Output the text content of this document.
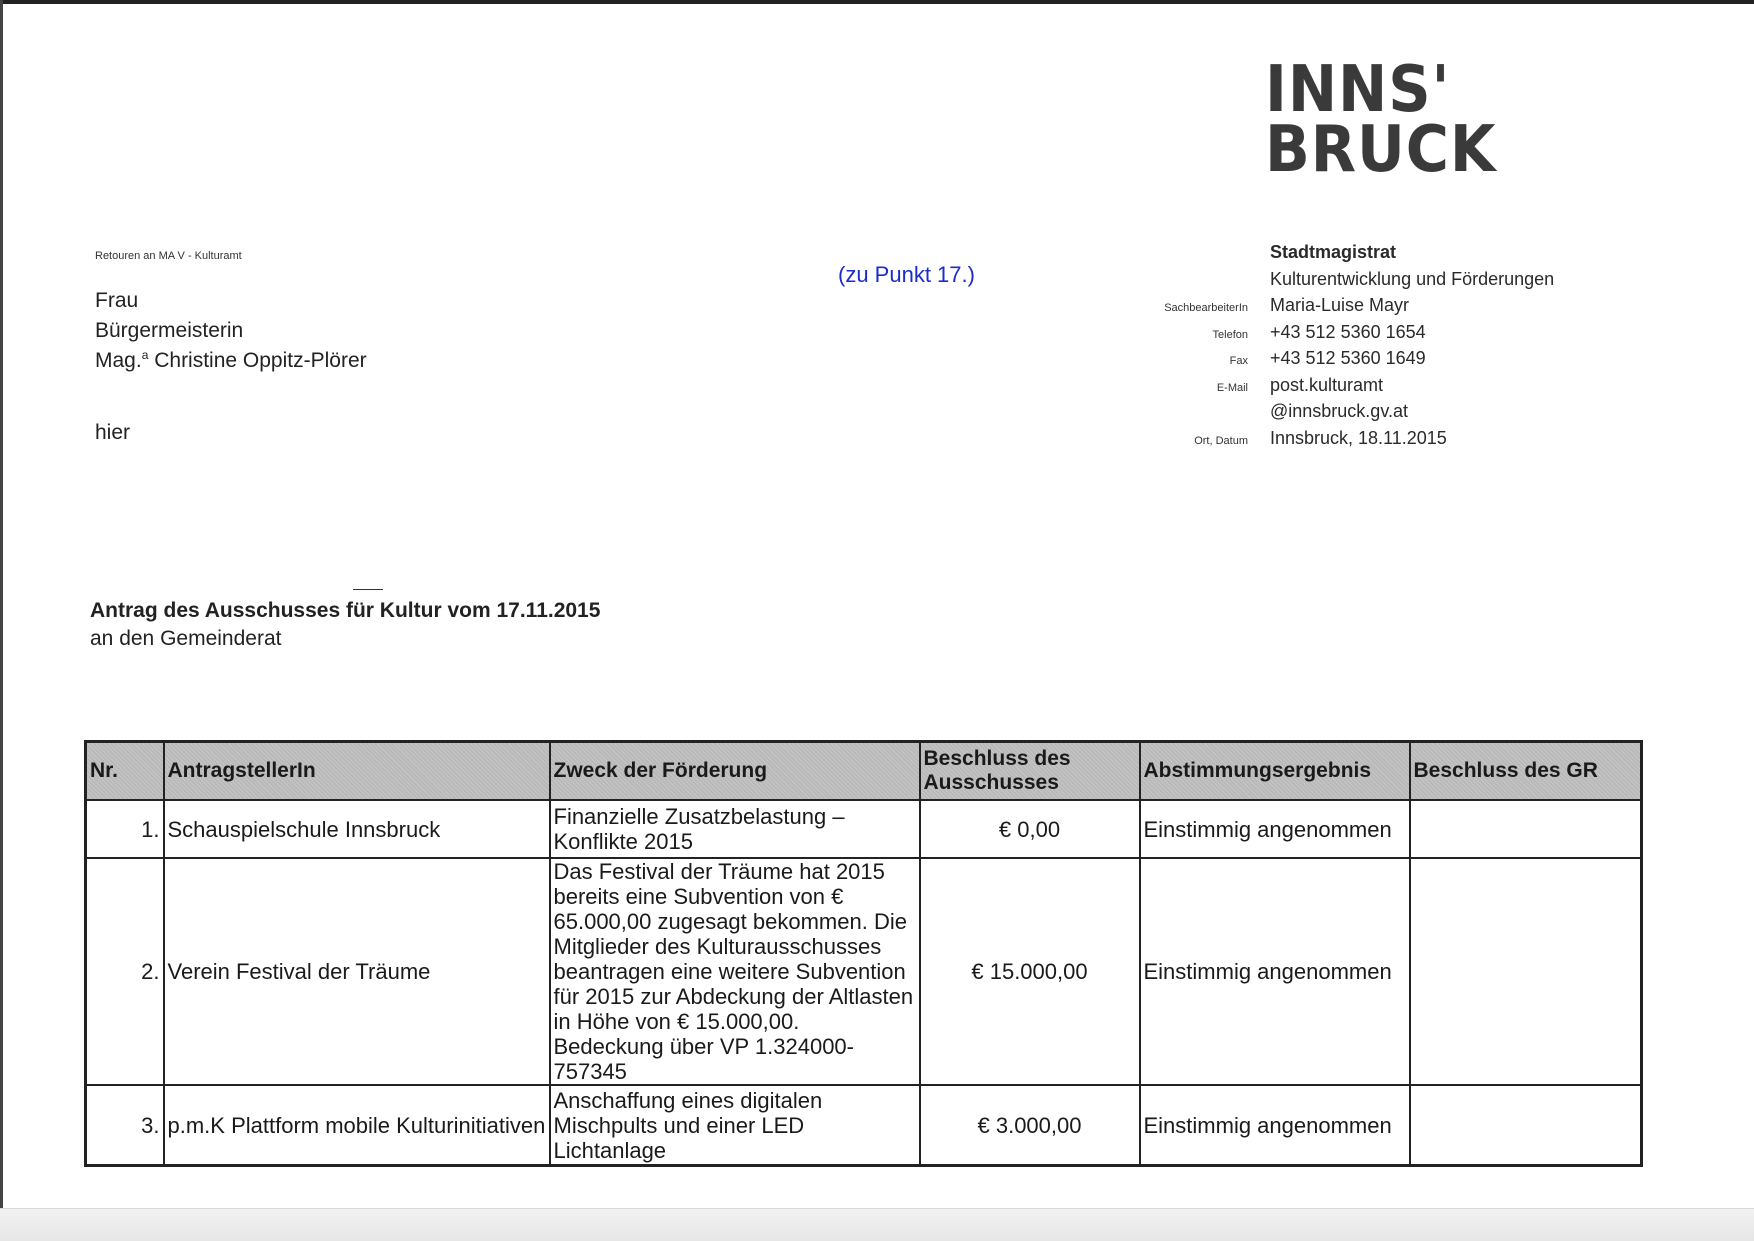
INNS'
BRUCK
Retouren an MA V - Kulturamt
(zu Punkt 17.)
Frau
Bürgermeisterin
Mag.$^a$ Christine Oppitz-Plörer
hier
Stadtmagistrat
Kulturentwicklung und Förderungen
SachbearbeiterIn	Maria-Luise Mayr
Telefon	+43 512 5360 1654
Fax	+43 512 5360 1649
E-Mail	post.kulturamt
@innsbruck.gv.at
Ort, Datum	Innsbruck, 18.11.2015
Antrag des Ausschusses für Kultur vom 17.11.2015
an den Gemeinderat
Nr.	AntragstellerIn	Zweck der Förderung	Beschluss des Ausschusses	Abstimmungsergebnis	Beschluss des GR
1.	Schauspielschule Innsbruck	Finanzielle Zusatzbelastung – Konflikte 2015	€ 0,00	Einstimmig angenommen	
2.	Verein Festival der Träume	Das Festival der Träume hat 2015 bereits eine Subvention von € 65.000,00 zugesagt bekommen. Die Mitglieder des Kulturausschusses beantragen eine weitere Subvention für 2015 zur Abdeckung der Altlasten in Höhe von € 15.000,00. Bedeckung über VP 1.324000-757345	€ 15.000,00	Einstimmig angenommen	
3.	p.m.K Plattform mobile Kulturinitiativen	Anschaffung eines digitalen Mischpults und einer LED Lichtanlage	€ 3.000,00	Einstimmig angenommen	
